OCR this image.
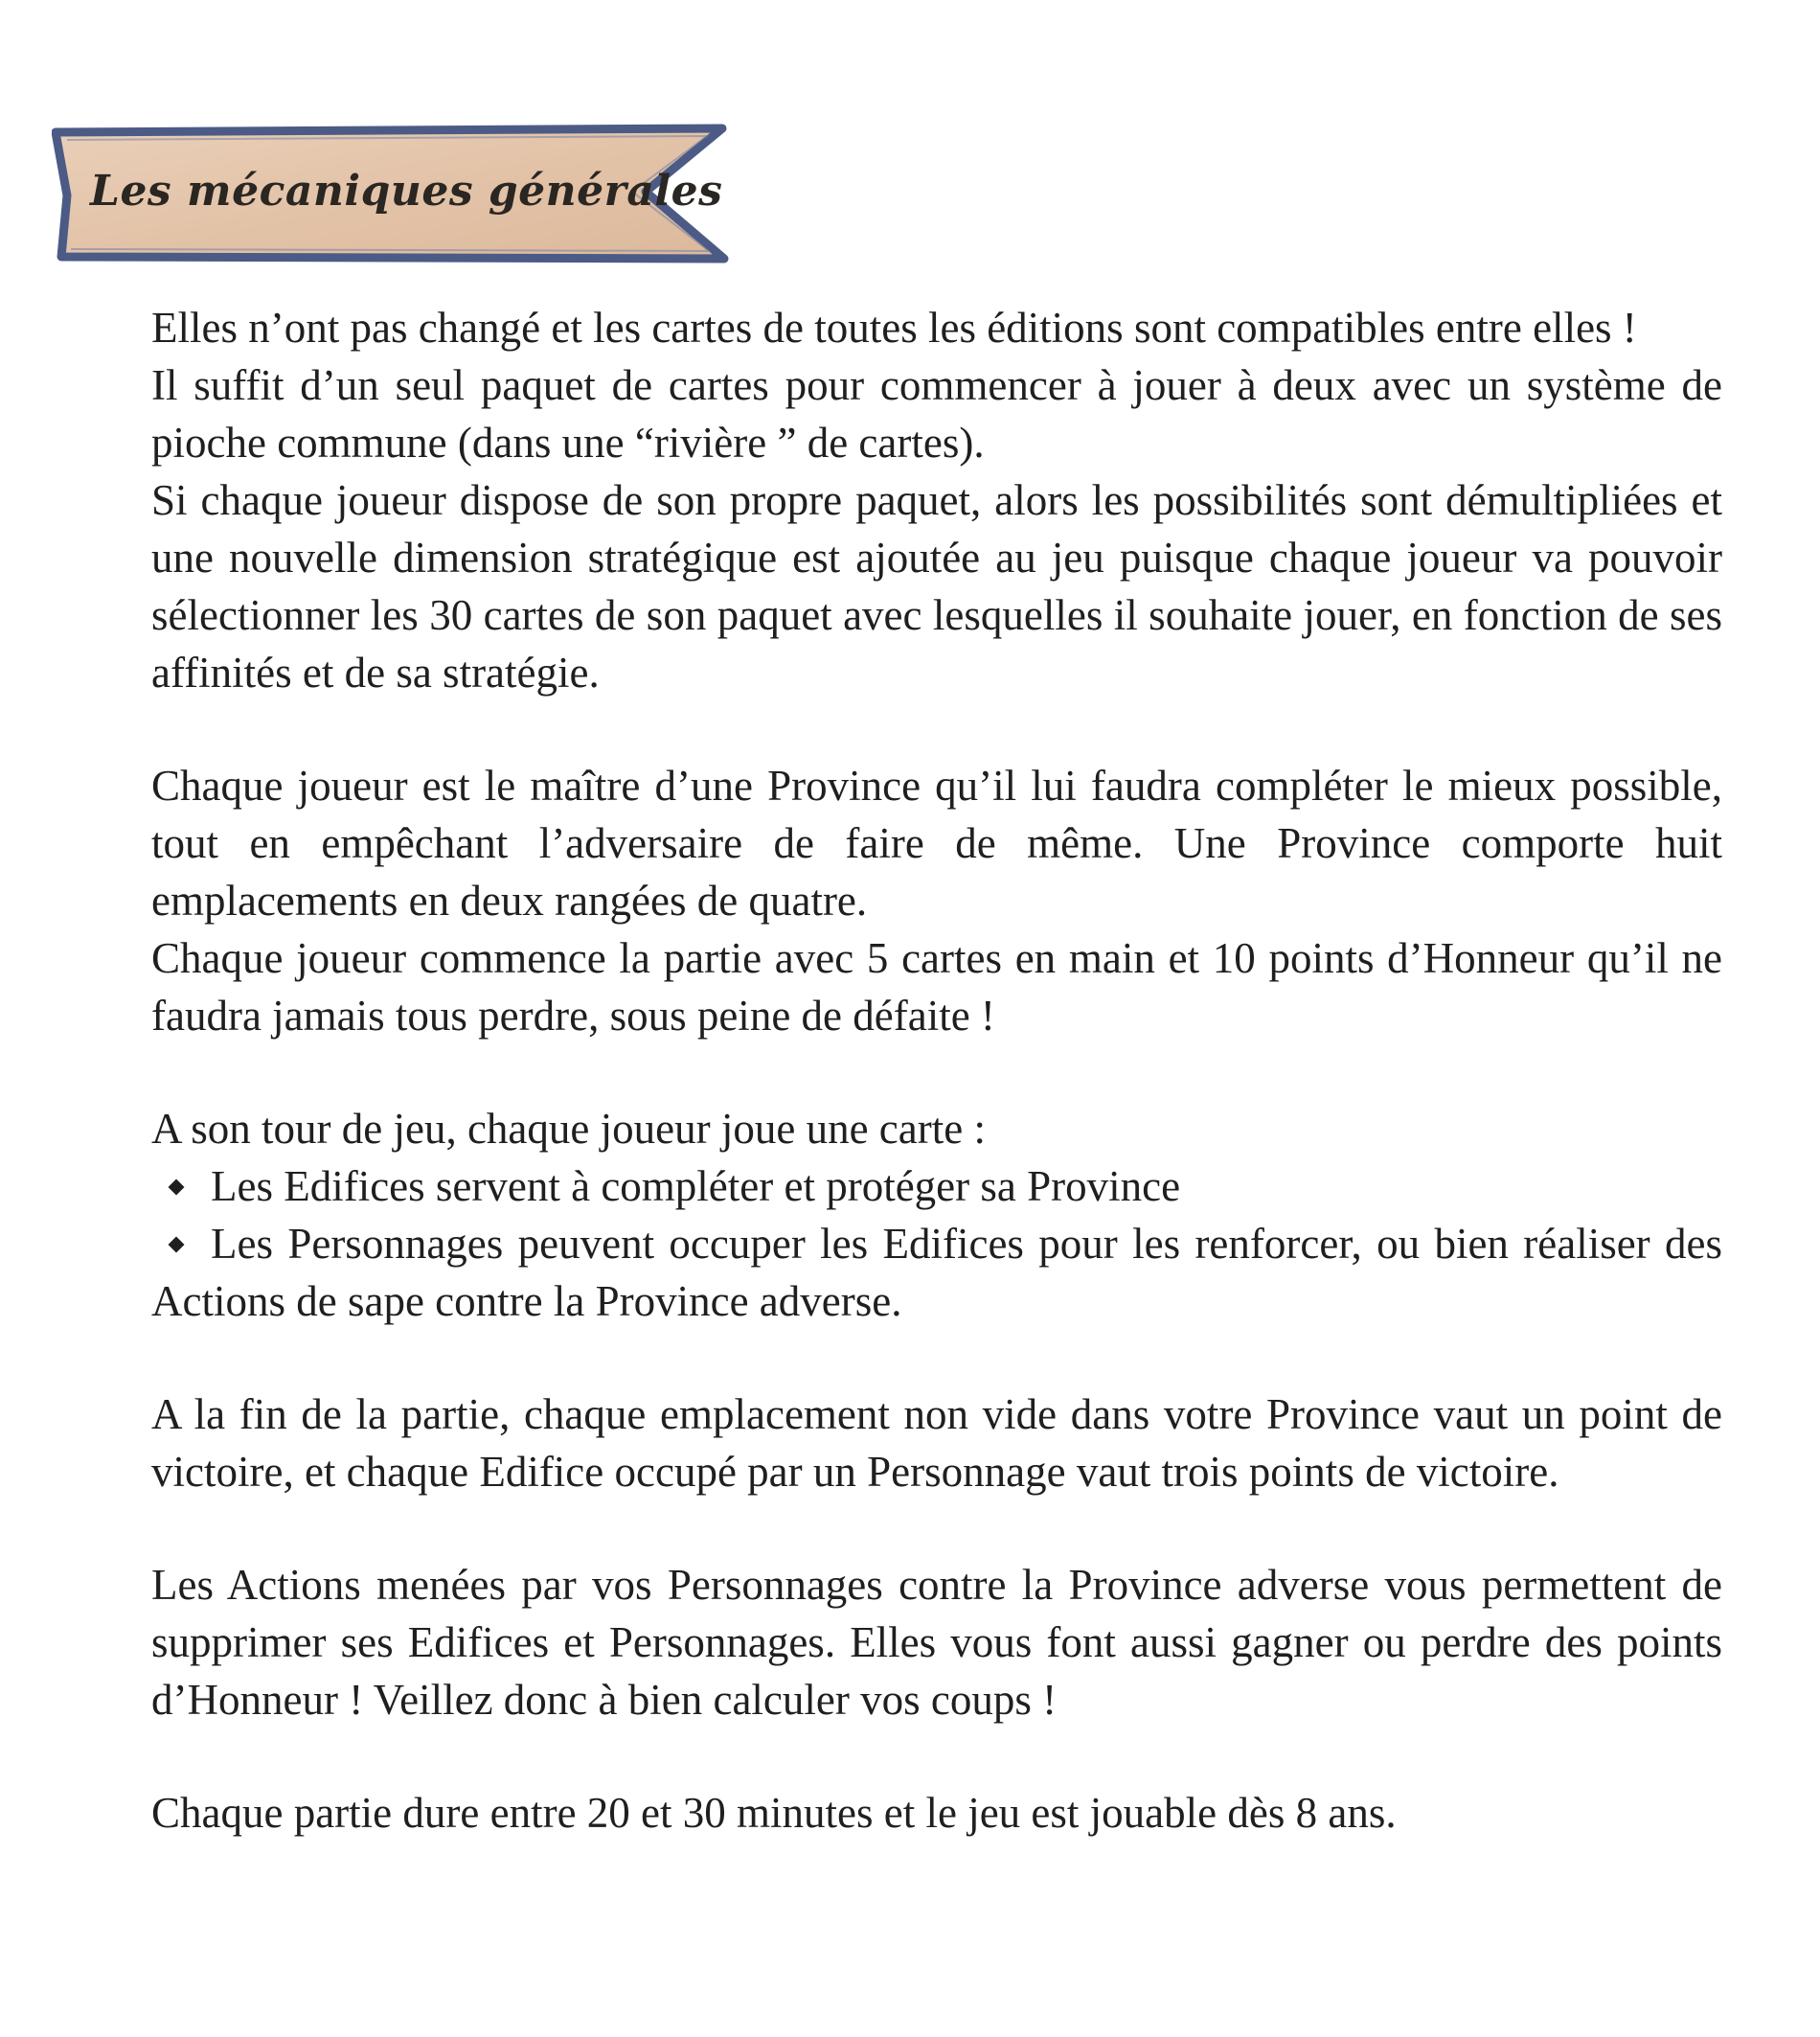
Les mécaniques générales

Elles n’ont pas changé et les cartes de toutes les éditions sont compatibles entre elles !

Il suffit d’un seul paquet de cartes pour commencer à jouer à deux avec un système de pioche commune (dans une “rivière ” de cartes).

Si chaque joueur dispose de son propre paquet, alors les possibilités sont démultipliées et une nouvelle dimension stratégique est ajoutée au jeu puisque chaque joueur va pouvoir sélectionner les 30 cartes de son paquet avec lesquelles il souhaite jouer, en fonction de ses affinités et de sa stratégie.

Chaque joueur est le maître d’une Province qu’il lui faudra compléter le mieux possible, tout en empêchant l’adversaire de faire de même. Une Province comporte huit emplacements en deux rangées de quatre.

Chaque joueur commence la partie avec 5 cartes en main et 10 points d’Honneur qu’il ne faudra jamais tous perdre, sous peine de défaite !

A son tour de jeu, chaque joueur joue une carte :

Les Edifices servent à compléter et protéger sa Province

Les Personnages peuvent occuper les Edifices pour les renforcer, ou bien réaliser des Actions de sape contre la Province adverse.

A la fin de la partie, chaque emplacement non vide dans votre Province vaut un point de victoire, et chaque Edifice occupé par un Personnage vaut trois points de victoire.

Les Actions menées par vos Personnages contre la Province adverse vous permettent de supprimer ses Edifices et Personnages. Elles vous font aussi gagner ou perdre des points d’Honneur ! Veillez donc à bien calculer vos coups !

Chaque partie dure entre 20 et 30 minutes et le jeu est jouable dès 8 ans.
